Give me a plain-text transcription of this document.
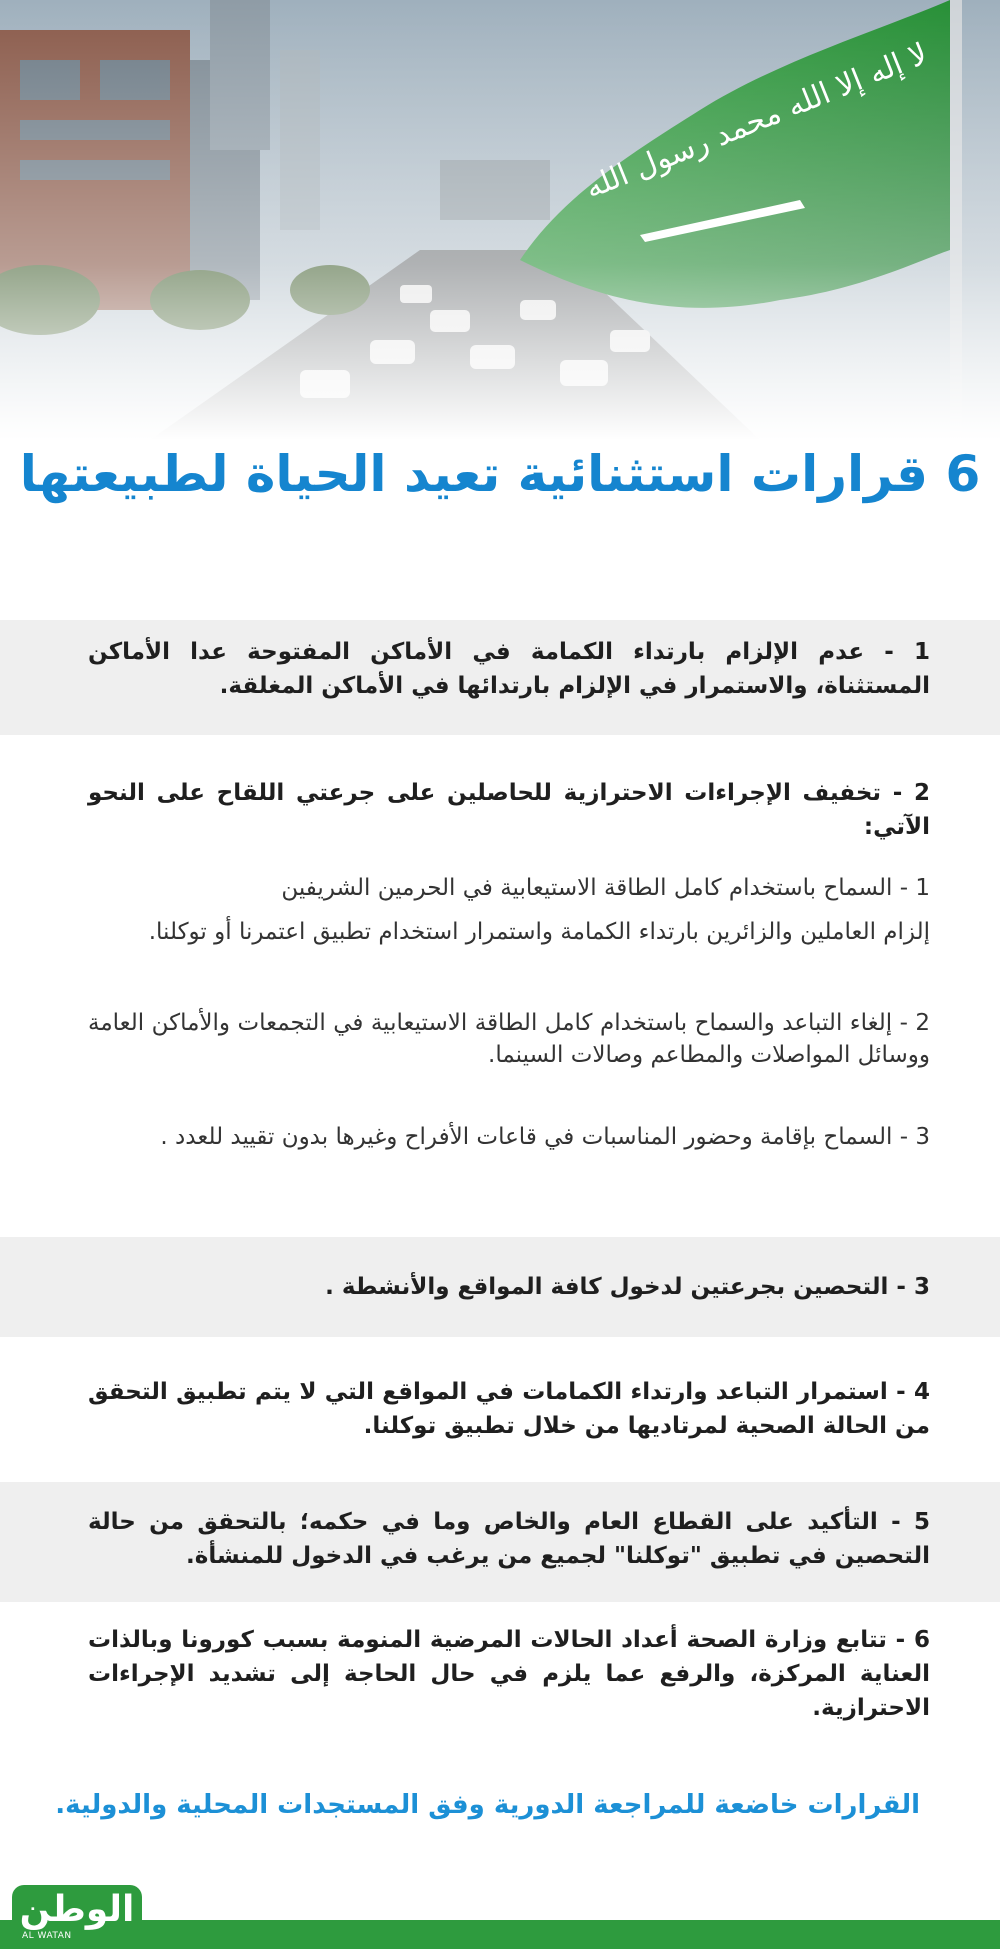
6 قرارات استثنائية تعيد الحياة لطبيعتها
1 - عدم الإلزام بارتداء الكمامة في الأماكن المفتوحة عدا الأماكن المستثناة، والاستمرار في الإلزام بارتدائها في الأماكن المغلقة.
2 - تخفيف الإجراءات الاحترازية للحاصلين على جرعتي اللقاح على النحو الآتي:
1 - السماح باستخدام كامل الطاقة الاستيعابية في الحرمين الشريفين
إلزام العاملين والزائرين بارتداء الكمامة واستمرار استخدام تطبيق اعتمرنا أو توكلنا.
2 - إلغاء التباعد والسماح باستخدام كامل الطاقة الاستيعابية في التجمعات والأماكن العامة ووسائل المواصلات والمطاعم وصالات السينما.
3 - السماح بإقامة وحضور المناسبات في قاعات الأفراح وغيرها بدون تقييد للعدد .
3 - التحصين بجرعتين لدخول كافة المواقع والأنشطة .
4 - استمرار التباعد وارتداء الكمامات في المواقع التي لا يتم تطبيق التحقق من الحالة الصحية لمرتاديها من خلال تطبيق توكلنا.
5 - التأكيد على القطاع العام والخاص وما في حكمه؛ بالتحقق من حالة التحصين في تطبيق "توكلنا" لجميع من يرغب في الدخول للمنشأة.
6 - تتابع وزارة الصحة أعداد الحالات المرضية المنومة بسبب كورونا وبالذات العناية المركزة، والرفع عما يلزم في حال الحاجة إلى تشديد الإجراءات الاحترازية.
القرارات خاضعة للمراجعة الدورية وفق المستجدات المحلية والدولية.
الوطن
AL WATAN
